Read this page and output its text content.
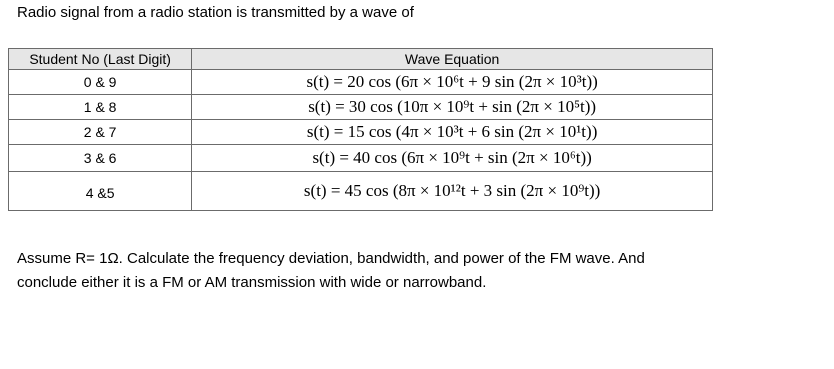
Radio signal from a radio station is transmitted by a wave of
Student No (Last Digit)	Wave Equation
0 & 9	s(t) = 20 cos (6π × 10⁶t + 9 sin (2π × 10³t))
1 & 8	s(t) = 30 cos (10π × 10⁹t + sin (2π × 10⁵t))
2 & 7	s(t) = 15 cos (4π × 10³t + 6 sin (2π × 10¹t))
3 & 6	s(t) = 40 cos (6π × 10⁹t + sin (2π × 10⁶t))
4 &5	s(t) = 45 cos (8π × 10¹²t + 3 sin (2π × 10⁹t))

Assume R= 1Ω. Calculate the frequency deviation, bandwidth, and power of the FM wave. And

conclude either it is a FM or AM transmission with wide or narrowband.
